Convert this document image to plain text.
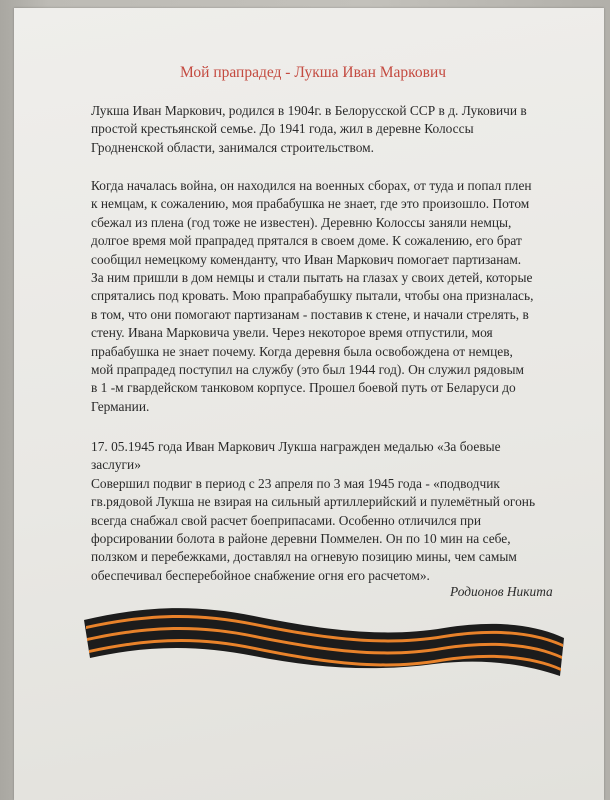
Мой прапрадед - Лукша Иван Маркович
Лукша Иван Маркович, родился в 1904г. в Белорусской ССР в д. Луковичи в
простой крестьянской семье. До 1941 года, жил в деревне Колоссы
Гродненской области, занимался строительством.
Когда началась война, он находился на военных сборах, от туда и попал плен
к немцам, к сожалению, моя прабабушка не знает, где это произошло. Потом
сбежал из плена (год тоже не известен). Деревню Колоссы заняли немцы,
долгое время мой прапрадед прятался в своем доме. К сожалению, его брат
сообщил немецкому коменданту, что Иван Маркович помогает партизанам.
За ним пришли в дом немцы и стали пытать на глазах у своих детей, которые
спрятались под кровать. Мою прапрабабушку пытали, чтобы она призналась,
в том, что они помогают партизанам - поставив к стене, и начали стрелять, в
стену. Ивана Марковича увели. Через некоторое время отпустили, моя
прабабушка не знает почему. Когда деревня была освобождена от немцев,
мой прапрадед поступил на службу (это был 1944 год). Он служил рядовым
в 1 -м гвардейском танковом корпусе. Прошел боевой путь от Беларуси до
Германии.
17. 05.1945 года Иван Маркович Лукша награжден медалью «За боевые
заслуги»
Совершил подвиг в период с 23 апреля по 3 мая 1945 года - «подводчик
гв.рядовой Лукша не взирая на сильный артиллерийский и пулемётный огонь
всегда снабжал свой расчет боеприпасами. Особенно отличился при
форсировании болота в районе деревни Поммелен. Он по 10 мин на себе,
ползком и перебежками, доставлял на огневую позицию мины, чем самым
обеспечивал бесперебойное снабжение огня его расчетом».
Родионов Никита
